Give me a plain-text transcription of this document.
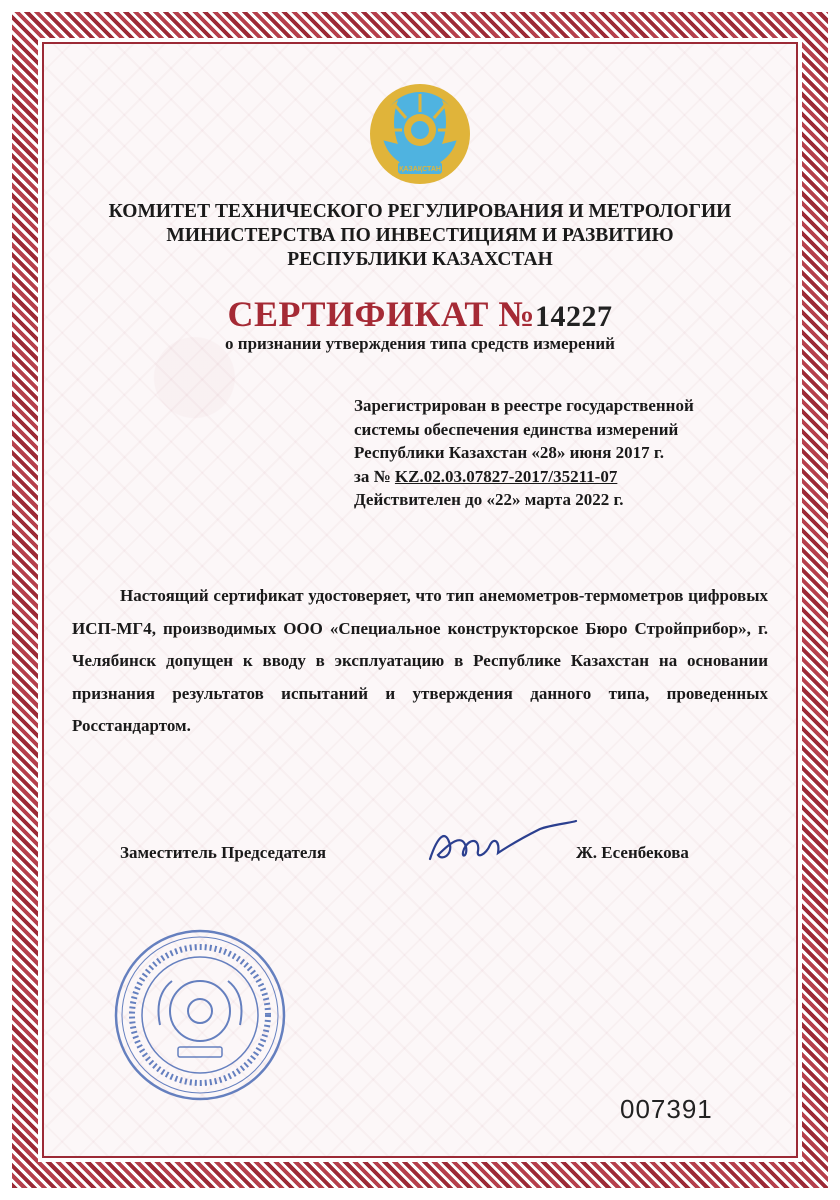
ҚАЗАҚСТАН
КОМИТЕТ ТЕХНИЧЕСКОГО РЕГУЛИРОВАНИЯ И МЕТРОЛОГИИ
МИНИСТЕРСТВА ПО ИНВЕСТИЦИЯМ И РАЗВИТИЮ
РЕСПУБЛИКИ КАЗАХСТАН
СЕРТИФИКАТ №14227
о признании утверждения типа средств измерений
Зарегистрирован в реестре государственной
системы обеспечения единства измерений
Республики Казахстан «28» июня 2017 г.
за № KZ.02.03.07827-2017/35211-07
Действителен до «22» марта 2022 г.
Настоящий сертификат удостоверяет, что тип анемометров-термометров цифровых ИСП-МГ4, производимых ООО «Специальное конструкторское Бюро Стройприбор», г. Челябинск допущен к вводу в эксплуатацию в Республике Казахстан на основании признания результатов испытаний и утверждения данного типа, проведенных Росстандартом.
Заместитель Председателя	Ж. Есенбекова
007391
